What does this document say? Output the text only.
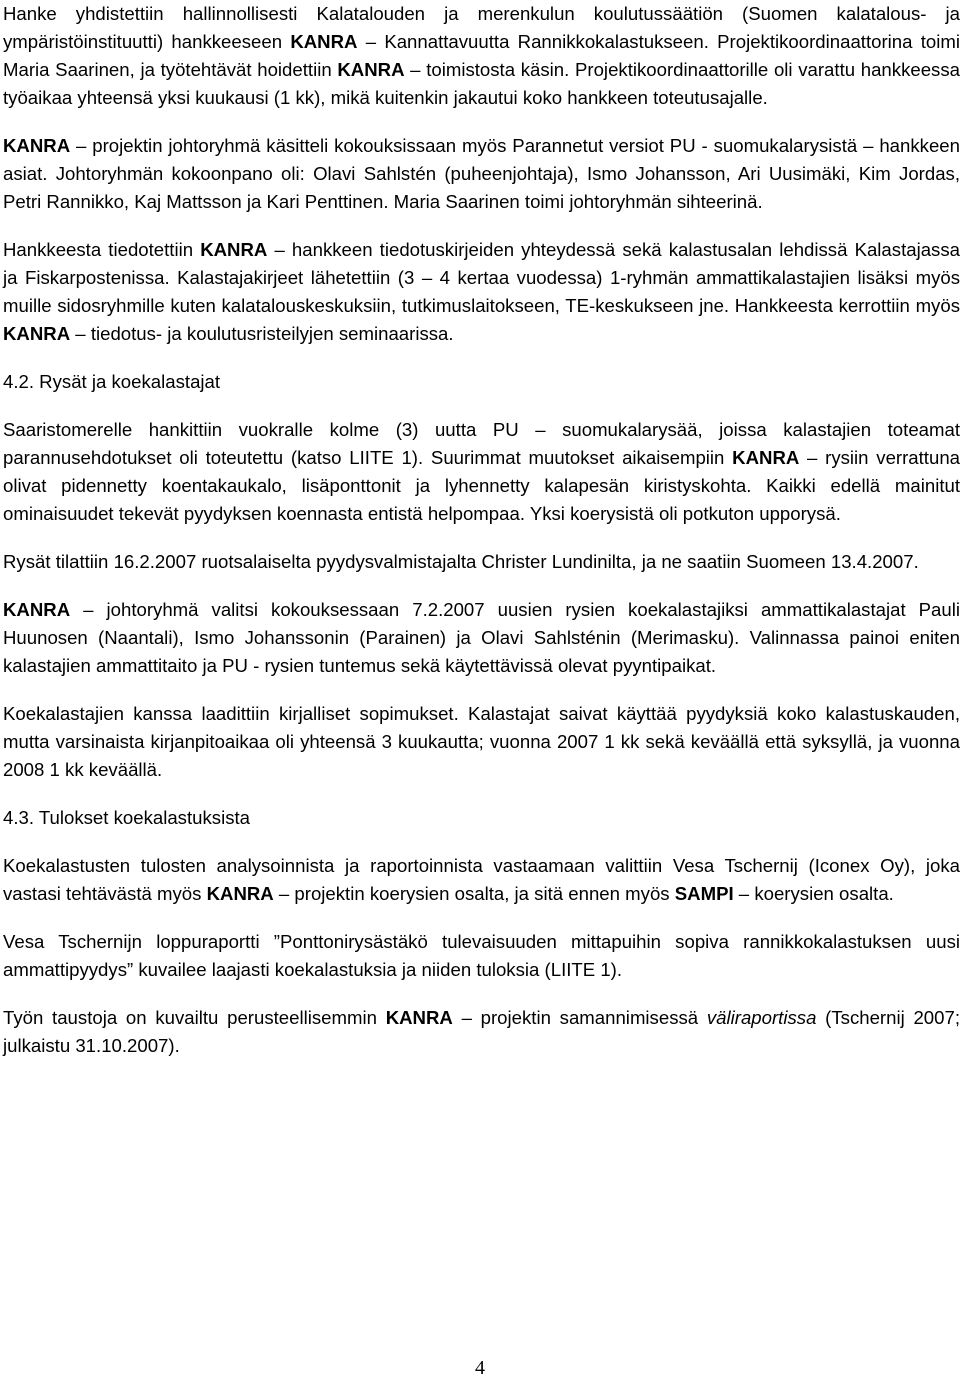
Hanke yhdistettiin hallinnollisesti Kalatalouden ja merenkulun koulutussäätiön (Suomen kalatalous- ja ympäristöinstituutti) hankkeeseen KANRA – Kannattavuutta Rannikkokalastukseen. Projektikoordinaattorina toimi Maria Saarinen, ja työtehtävät hoidettiin KANRA – toimistosta käsin. Projektikoordinaattorille oli varattu hankkeessa työaikaa yhteensä yksi kuukausi (1 kk), mikä kuitenkin jakautui koko hankkeen toteutusajalle.

KANRA – projektin johtoryhmä käsitteli kokouksissaan myös Parannetut versiot PU - suomukalarysistä – hankkeen asiat. Johtoryhmän kokoonpano oli: Olavi Sahlstén (puheenjohtaja), Ismo Johansson, Ari Uusimäki, Kim Jordas, Petri Rannikko, Kaj Mattsson ja Kari Penttinen. Maria Saarinen toimi johtoryhmän sihteerinä.

Hankkeesta tiedotettiin KANRA – hankkeen tiedotuskirjeiden yhteydessä sekä kalastusalan lehdissä Kalastajassa ja Fiskarpostenissa. Kalastajakirjeet lähetettiin (3 – 4 kertaa vuodessa) 1-ryhmän ammattikalastajien lisäksi myös muille sidosryhmille kuten kalatalouskeskuksiin, tutkimuslaitokseen, TE-keskukseen jne. Hankkeesta kerrottiin myös KANRA – tiedotus- ja koulutusristeilyjen seminaarissa.

4.2. Rysät ja koekalastajat

Saaristomerelle hankittiin vuokralle kolme (3) uutta PU – suomukalarysää, joissa kalastajien toteamat parannusehdotukset oli toteutettu (katso LIITE 1). Suurimmat muutokset aikaisempiin KANRA – rysiin verrattuna olivat pidennetty koentakaukalo, lisäponttonit ja lyhennetty kalapesän kiristyskohta. Kaikki edellä mainitut ominaisuudet tekevät pyydyksen koennasta entistä helpompaa. Yksi koerysistä oli potkuton upporysä.

Rysät tilattiin 16.2.2007 ruotsalaiselta pyydysvalmistajalta Christer Lundinilta, ja ne saatiin Suomeen 13.4.2007.

KANRA – johtoryhmä valitsi kokouksessaan 7.2.2007 uusien rysien koekalastajiksi ammattikalastajat Pauli Huunosen (Naantali), Ismo Johanssonin (Parainen) ja Olavi Sahlsténin (Merimasku). Valinnassa painoi eniten kalastajien ammattitaito ja PU - rysien tuntemus sekä käytettävissä olevat pyyntipaikat.

Koekalastajien kanssa laadittiin kirjalliset sopimukset. Kalastajat saivat käyttää pyydyksiä koko kalastuskauden, mutta varsinaista kirjanpitoaikaa oli yhteensä 3 kuukautta; vuonna 2007 1 kk sekä keväällä että syksyllä, ja vuonna 2008 1 kk keväällä.

4.3. Tulokset koekalastuksista

Koekalastusten tulosten analysoinnista ja raportoinnista vastaamaan valittiin Vesa Tschernij (Iconex Oy), joka vastasi tehtävästä myös KANRA – projektin koerysien osalta, ja sitä ennen myös SAMPI – koerysien osalta.

Vesa Tschernijn loppuraportti ”Ponttonirysästäkö tulevaisuuden mittapuihin sopiva rannikkokalastuksen uusi ammattipyydys” kuvailee laajasti koekalastuksia ja niiden tuloksia (LIITE 1).

Työn taustoja on kuvailtu perusteellisemmin KANRA – projektin samannimisessä väliraportissa (Tschernij 2007; julkaistu 31.10.2007).

4
